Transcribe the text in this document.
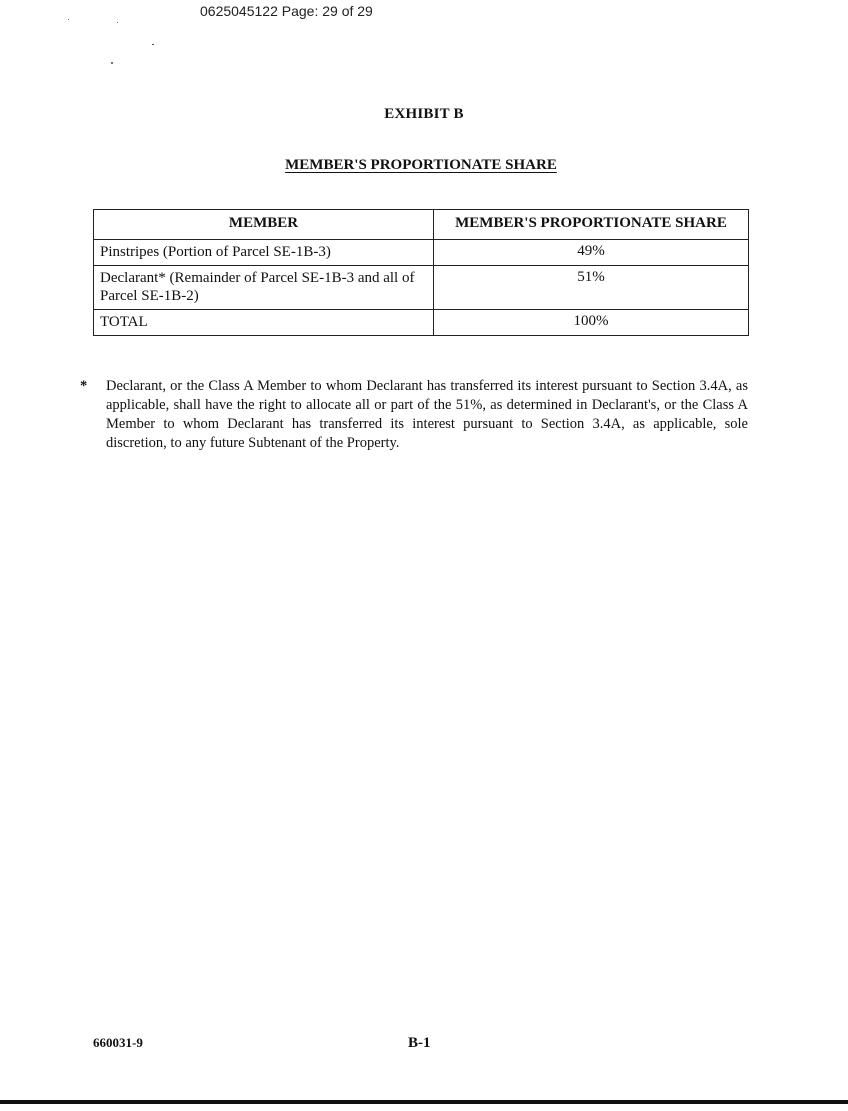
0625045122 Page: 29 of 29
EXHIBIT B
MEMBER'S PROPORTIONATE SHARE
MEMBER	MEMBER'S PROPORTIONATE SHARE
Pinstripes (Portion of Parcel SE-1B-3)	49%
Declarant* (Remainder of Parcel SE-1B-3 and all of Parcel SE-1B-2)	51%
TOTAL	100%
* Declarant, or the Class A Member to whom Declarant has transferred its interest pursuant to Section 3.4A, as applicable, shall have the right to allocate all or part of the 51%, as determined in Declarant's, or the Class A Member to whom Declarant has transferred its interest pursuant to Section 3.4A, as applicable, sole discretion, to any future Subtenant of the Property.
660031-9	B-1
